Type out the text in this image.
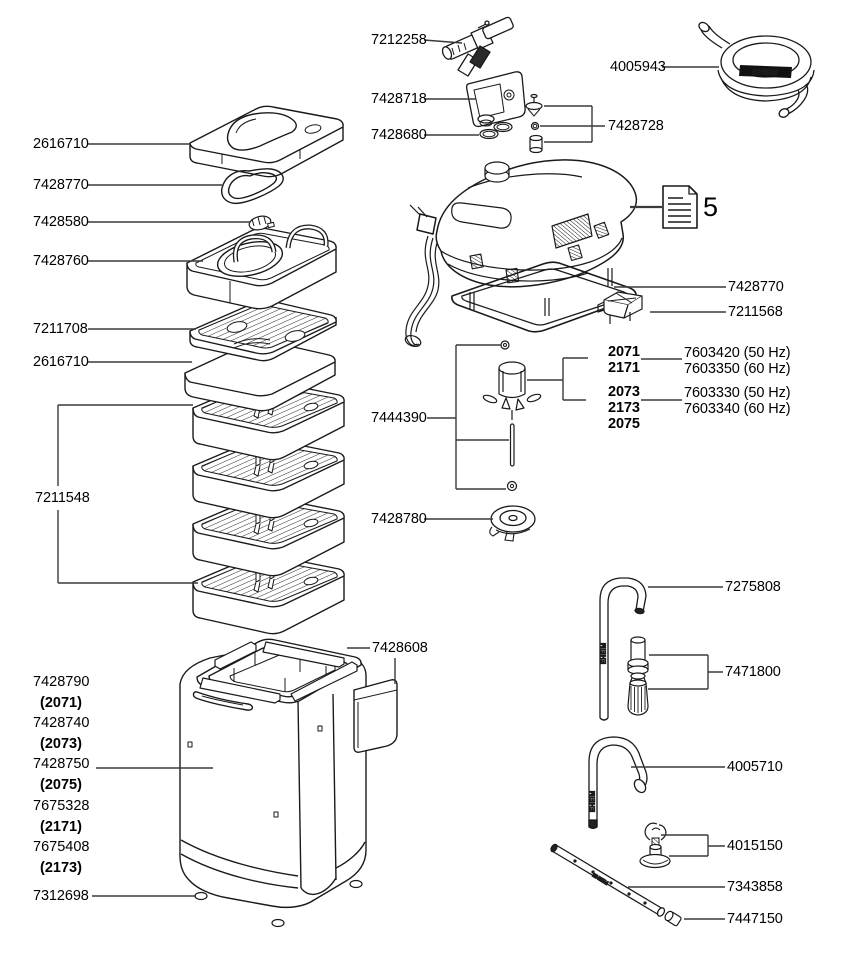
EHEIM
EHEIM
EHEIM
EHEIM
2616710
7428770
7428580
7428760
7211708
2616710
7211548
7428790
(2071)
7428740
(2073)
7428750
(2075)
7675328
(2171)
7675408
(2173)
7312698
7212258
7428718
7428680
7444390
7428780
7428608
4005943
7428728
5
7428770
7211568
2071
2171
7603420 (50 Hz)
7603350 (60 Hz)
2073
2173
2075
7603330 (50 Hz)
7603340 (60 Hz)
7275808
7471800
4005710
4015150
7343858
7447150
